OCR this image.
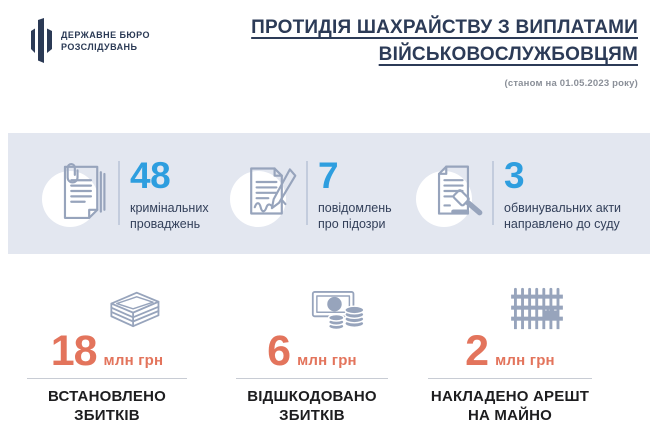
ДЕРЖАВНЕ БЮРО
РОЗСЛІДУВАНЬ
ПРОТИДІЯ ШАХРАЙСТВУ З ВИПЛАТАМИ
ВІЙСЬКОВОСЛУЖБОВЦЯМ
(станом на 01.05.2023 року)
48
кримінальних
проваджень
7
повідомлень
про підозри
3
обвинувальних акти
направлено до суду
18 млн грн
ВСТАНОВЛЕНО
ЗБИТКІВ
6 млн грн
ВІДШКОДОВАНО
ЗБИТКІВ
2 млн грн
НАКЛАДЕНО АРЕШТ
НА МАЙНО
